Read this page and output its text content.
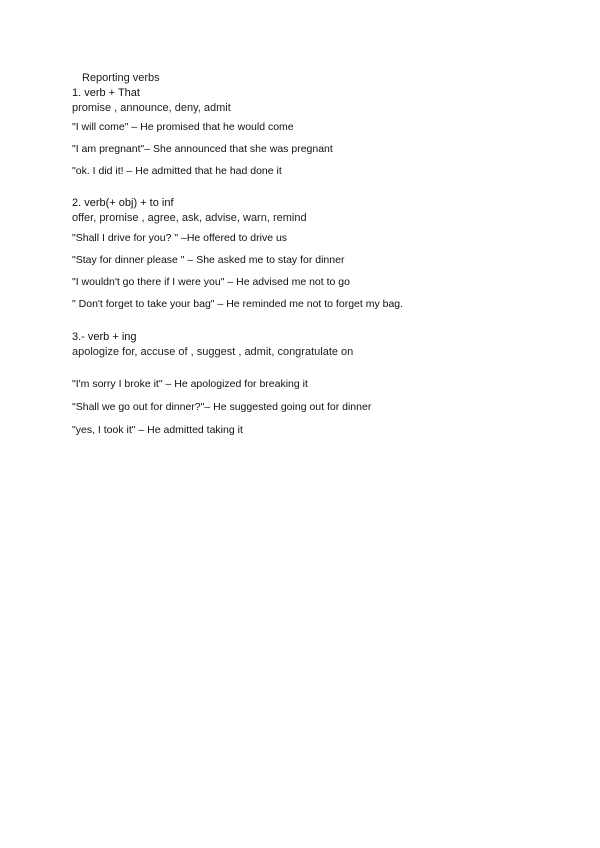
Reporting verbs
1. verb + That
promise , announce, deny, admit
"I will come" – He promised that he would come
"I am pregnant"– She announced that she was pregnant
"ok. I did it! – He admitted that he had done it
2. verb(+ obj) + to inf
offer, promise , agree, ask, advise, warn, remind
"Shall I drive for you? " –He offered to drive us
"Stay for dinner please " – She asked me to stay for dinner
"I wouldn't go there if I were you" – He advised me not to go
" Don't forget to take your bag" – He reminded me not to forget my bag.
3.- verb + ing
apologize for, accuse of , suggest , admit, congratulate on
"I'm sorry I broke it" – He apologized for breaking it
"Shall we go out for dinner?"– He suggested going out for dinner
"yes, I took it" – He admitted taking it
